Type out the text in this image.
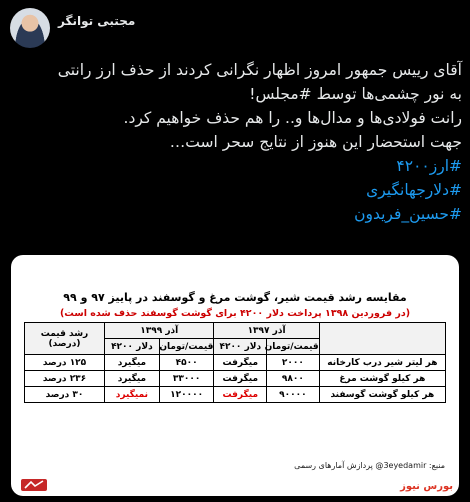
مجتبی توانگر
آقای رییس جمهور امروز اظهار نگرانی کردند از حذف ارز رانتی
به نور چشمی‌ها توسط #مجلس!
رانت فولادی‌ها و مدال‌ها و.. را هم حذف خواهیم کرد.
جهت استحضار این هنوز از نتایج سحر است…
#ارز۴۲۰۰
#دلارجهانگیری
#حسین_فریدون
مقایسه رشد قیمت شیر، گوشت مرغ و گوسفند در پاییز ۹۷ و ۹۹
(در فروردین ۱۳۹۸ پرداخت دلار ۴۲۰۰ برای گوشت گوسفند حذف شده است)
	آذر ۱۳۹۷		آذر ۱۳۹۹		رشد قیمت (درصد)
	قیمت/تومان	دلار ۴۲۰۰	قیمت/تومان	دلار ۴۲۰۰	
هر لیتر شیر درب کارخانه	۲۰۰۰	میگرفت	۴۵۰۰	میگیرد	۱۲۵ درصد
هر کیلو گوشت مرغ	۹۸۰۰	میگرفت	۳۳۰۰۰	میگیرد	۲۳۶ درصد
هر کیلو گوشت گوسفند	۹۰۰۰۰	میگرفت	۱۲۰۰۰۰	نمیگیرد	۳۰ درصد
منبع: 3eyedamir@ پردازش آمارهای رسمی
بورس نیوز
